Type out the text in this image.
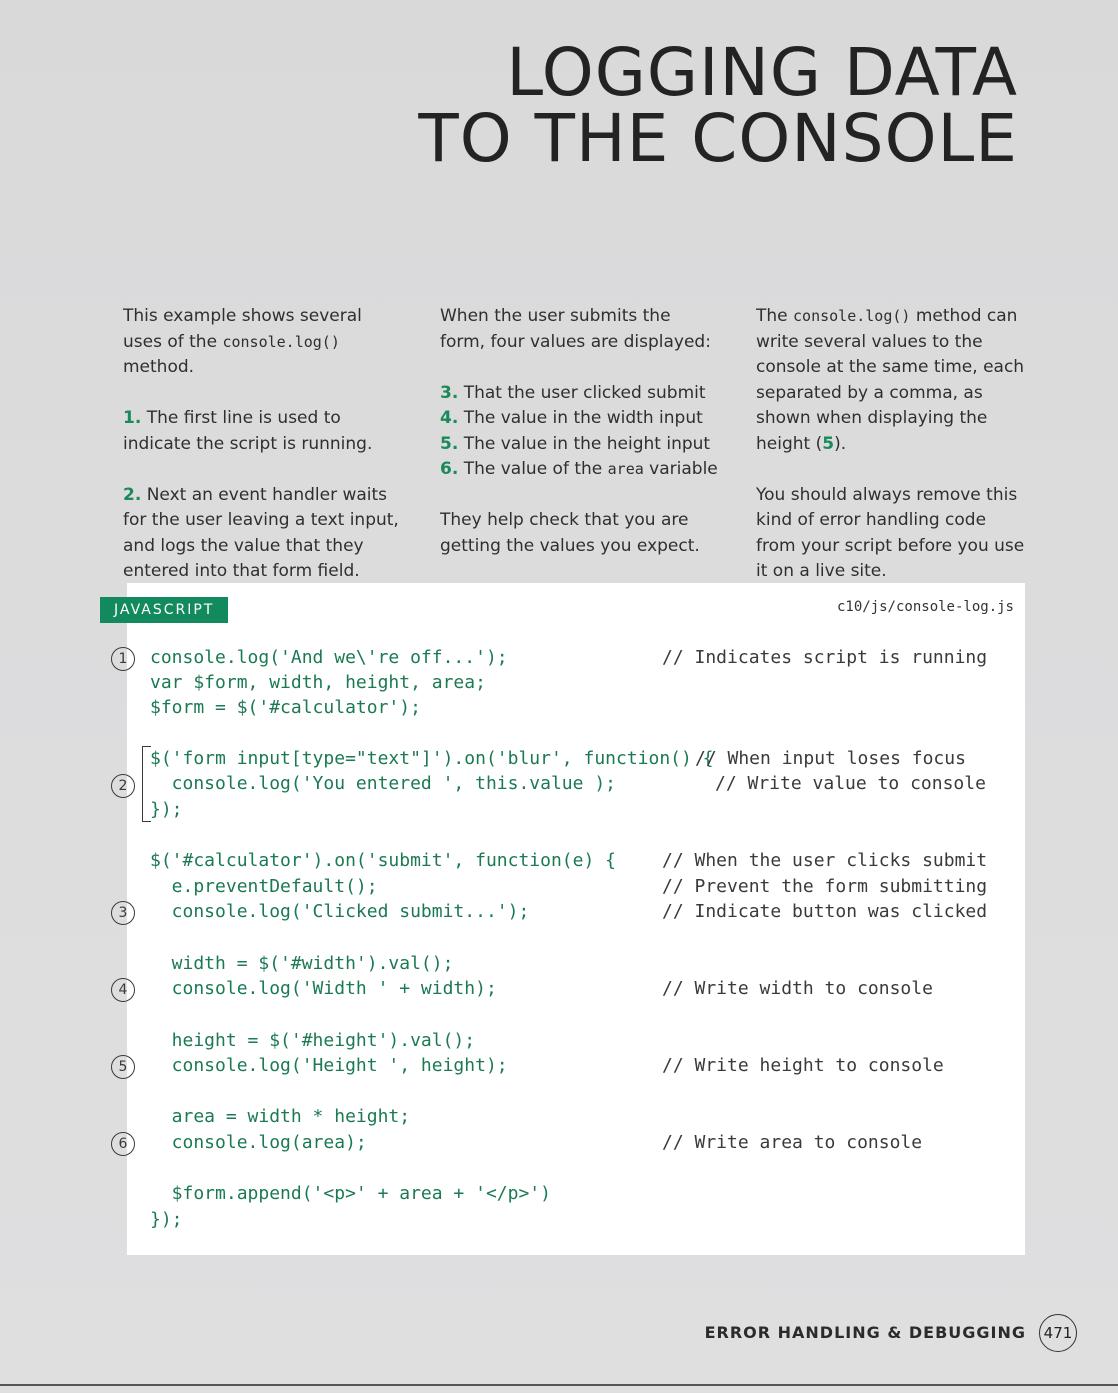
LOGGING DATA
TO THE CONSOLE

This example shows several uses of the console.log() method.

1. The first line is used to indicate the script is running.

2. Next an event handler waits for the user leaving a text input, and logs the value that they entered into that form field.

When the user submits the form, four values are displayed:

3. That the user clicked submit
4. The value in the width input
5. The value in the height input
6. The value of the area variable

They help check that you are getting the values you expect.

The console.log() method can write several values to the console at the same time, each separated by a comma, as shown when displaying the height (5).

You should always remove this kind of error handling code from your script before you use it on a live site.

JAVASCRIPT	c10/js/console-log.js
console.log('And we\'re off...');
var $form, width, height, area;
$form = $('#calculator');
$('form input[type="text"]').on('blur', function() {
console.log('You entered ', this.value );
});
$('#calculator').on('submit', function(e) {
e.preventDefault();
console.log('Clicked submit...');
width = $('#width').val();
console.log('Width ' + width);
height = $('#height').val();
console.log('Height ', height);
area = width * height;
console.log(area);
$form.append('<p>' + area + '</p>')
});
// Indicates script is running
// When input loses focus
// Write value to console
// When the user clicks submit
// Prevent the form submitting
// Indicate button was clicked
// Write width to console
// Write height to console
// Write area to console
1
2
3
4
5
6
ERROR HANDLING & DEBUGGING	471
